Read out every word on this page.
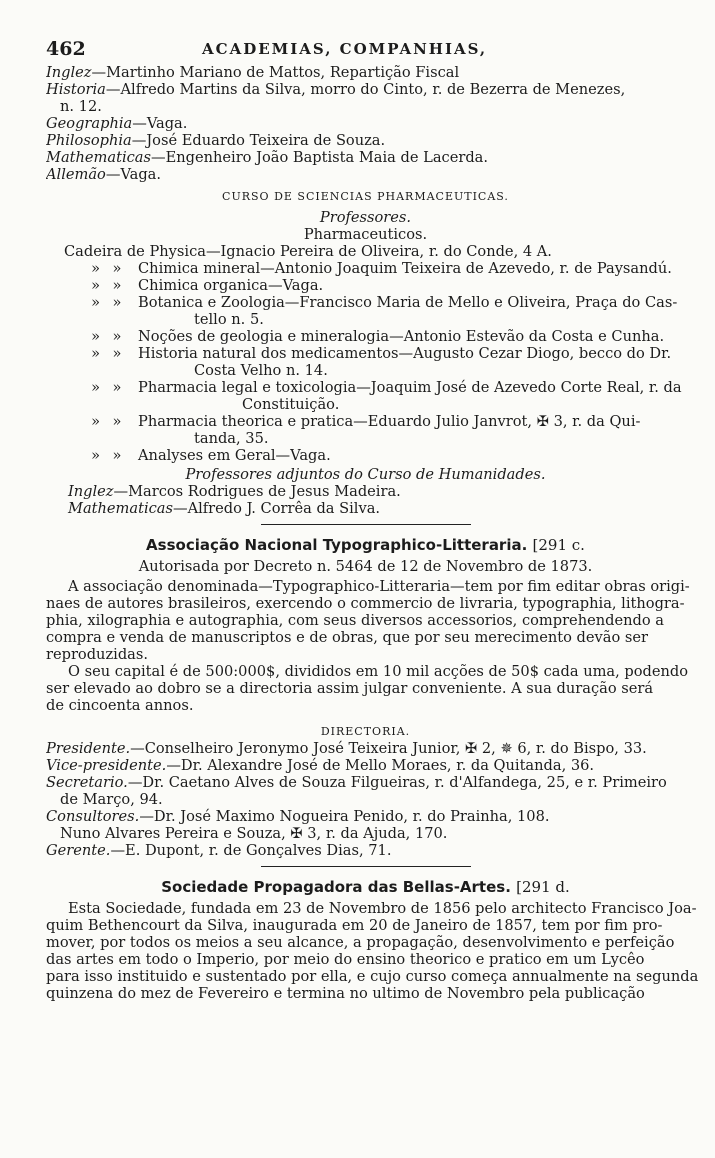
462	ACADEMIAS, COMPANHIAS,
Inglez—Martinho Mariano de Mattos, Repartição Fiscal
Historia—Alfredo Martins da Silva, morro do Cinto, r. de Bezerra de Menezes,
n. 12.
Geographia—Vaga.
Philosophia—José Eduardo Teixeira de Souza.
Mathematicas—Engenheiro João Baptista Maia de Lacerda.
Allemão—Vaga.
CURSO DE SCIENCIAS PHARMACEUTICAS.
Professores.
Pharmaceuticos.
Cadeira de Physica—Ignacio Pereira de Oliveira, r. do Conde, 4 A.
» »	Chimica mineral—Antonio Joaquim Teixeira de Azevedo, r. de Paysandú.
» »	Chimica organica—Vaga.
» »	Botanica e Zoologia—Francisco Maria de Mello e Oliveira, Praça do Cas-
tello n. 5.
» »	Noções de geologia e mineralogia—Antonio Estevão da Costa e Cunha.
» »	Historia natural dos medicamentos—Augusto Cezar Diogo, becco do Dr.
Costa Velho n. 14.
» »	Pharmacia legal e toxicologia—Joaquim José de Azevedo Corte Real, r. da
Constituição.
» »	Pharmacia theorica e pratica—Eduardo Julio Janvrot, ✠ 3, r. da Qui-
tanda, 35.
» »	Analyses em Geral—Vaga.
Professores adjuntos do Curso de Humanidades.
Inglez—Marcos Rodrigues de Jesus Madeira.
Mathematicas—Alfredo J. Corrêa da Silva.
Associação Nacional Typographico-Litteraria. [291 c.
Autorisada por Decreto n. 5464 de 12 de Novembro de 1873.
A associação denominada—Typographico-Litteraria—tem por fim editar obras origi-
naes de autores brasileiros, exercendo o commercio de livraria, typographia, lithogra-
phia, xilographia e autographia, com seus diversos accessorios, comprehendendo a
compra e venda de manuscriptos e de obras, que por seu merecimento devão ser
reproduzidas.
O seu capital é de 500:000$, divididos em 10 mil acções de 50$ cada uma, podendo
ser elevado ao dobro se a directoria assim julgar conveniente. A sua duração será
de cincoenta annos.
DIRECTORIA.
Presidente.—Conselheiro Jeronymo José Teixeira Junior, ✠ 2, ✵ 6, r. do Bispo, 33.
Vice-presidente.—Dr. Alexandre José de Mello Moraes, r. da Quitanda, 36.
Secretario.—Dr. Caetano Alves de Souza Filgueiras, r. d'Alfandega, 25, e r. Primeiro
de Março, 94.
Consultores.—Dr. José Maximo Nogueira Penido, r. do Prainha, 108.
Nuno Alvares Pereira e Souza, ✠ 3, r. da Ajuda, 170.
Gerente.—E. Dupont, r. de Gonçalves Dias, 71.
Sociedade Propagadora das Bellas-Artes. [291 d.
Esta Sociedade, fundada em 23 de Novembro de 1856 pelo architecto Francisco Joa-
quim Bethencourt da Silva, inaugurada em 20 de Janeiro de 1857, tem por fim pro-
mover, por todos os meios a seu alcance, a propagação, desenvolvimento e perfeição
das artes em todo o Imperio, por meio do ensino theorico e pratico em um Lycêo
para isso instituido e sustentado por ella, e cujo curso começa annualmente na segunda
quinzena do mez de Fevereiro e termina no ultimo de Novembro pela publicação
